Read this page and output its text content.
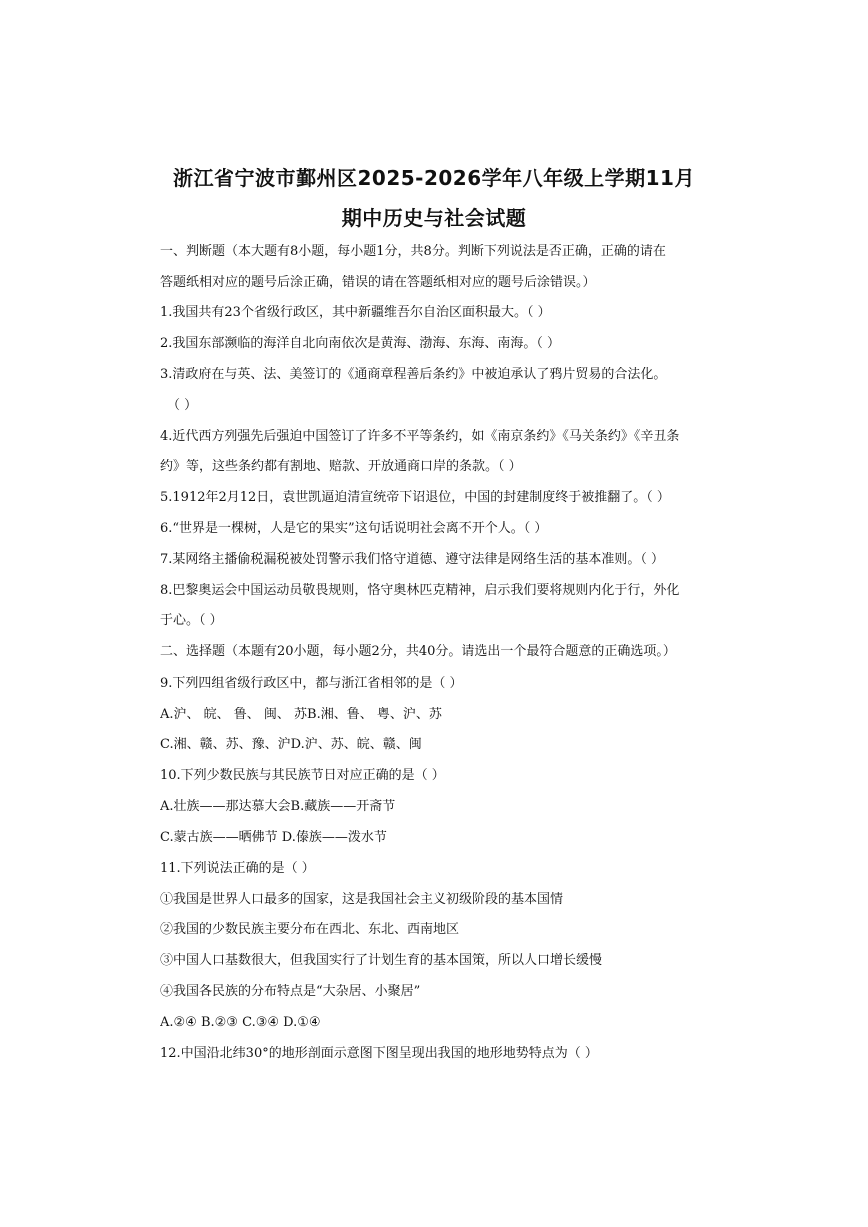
浙江省宁波市鄞州区2025-2026学年八年级上学期11月
期中历史与社会试题
一、判断题（本大题有8小题，每小题1分，共8分。判断下列说法是否正确，正确的请在
答题纸相对应的题号后涂正确，错误的请在答题纸相对应的题号后涂错误。）
1.我国共有23个省级行政区，其中新疆维吾尔自治区面积最大。（ ）
2.我国东部濒临的海洋自北向南依次是黄海、渤海、东海、南海。（ ）
3.清政府在与英、法、美签订的《通商章程善后条约》中被迫承认了鸦片贸易的合法化。
（ ）
4.近代西方列强先后强迫中国签订了许多不平等条约，如《南京条约》《马关条约》《辛丑条
约》等，这些条约都有割地、赔款、开放通商口岸的条款。（ ）
5.1912年2月12日，袁世凯逼迫清宣统帝下诏退位，中国的封建制度终于被推翻了。（ ）
6.“世界是一棵树，人是它的果实”这句话说明社会离不开个人。（ ）
7.某网络主播偷税漏税被处罚警示我们恪守道德、遵守法律是网络生活的基本准则。（ ）
8.巴黎奥运会中国运动员敬畏规则，恪守奥林匹克精神，启示我们要将规则内化于行，外化
于心。（ ）
二、选择题（本题有20小题，每小题2分，共40分。请选出一个最符合题意的正确选项。）
9.下列四组省级行政区中，都与浙江省相邻的是（ ）
A.沪、 皖、 鲁、 闽、 苏B.湘、鲁、 粤、沪、苏
C.湘、赣、苏、豫、沪D.沪、苏、皖、赣、闽
10.下列少数民族与其民族节日对应正确的是（ ）
A.壮族——那达慕大会B.藏族——开斋节
C.蒙古族——晒佛节 D.傣族——泼水节
11.下列说法正确的是（ ）
①我国是世界人口最多的国家，这是我国社会主义初级阶段的基本国情
②我国的少数民族主要分布在西北、东北、西南地区
③中国人口基数很大，但我国实行了计划生育的基本国策，所以人口增长缓慢
④我国各民族的分布特点是“大杂居、小聚居”
A.②④ B.②③ C.③④ D.①④
12.中国沿北纬30°的地形剖面示意图下图呈现出我国的地形地势特点为（ ）
